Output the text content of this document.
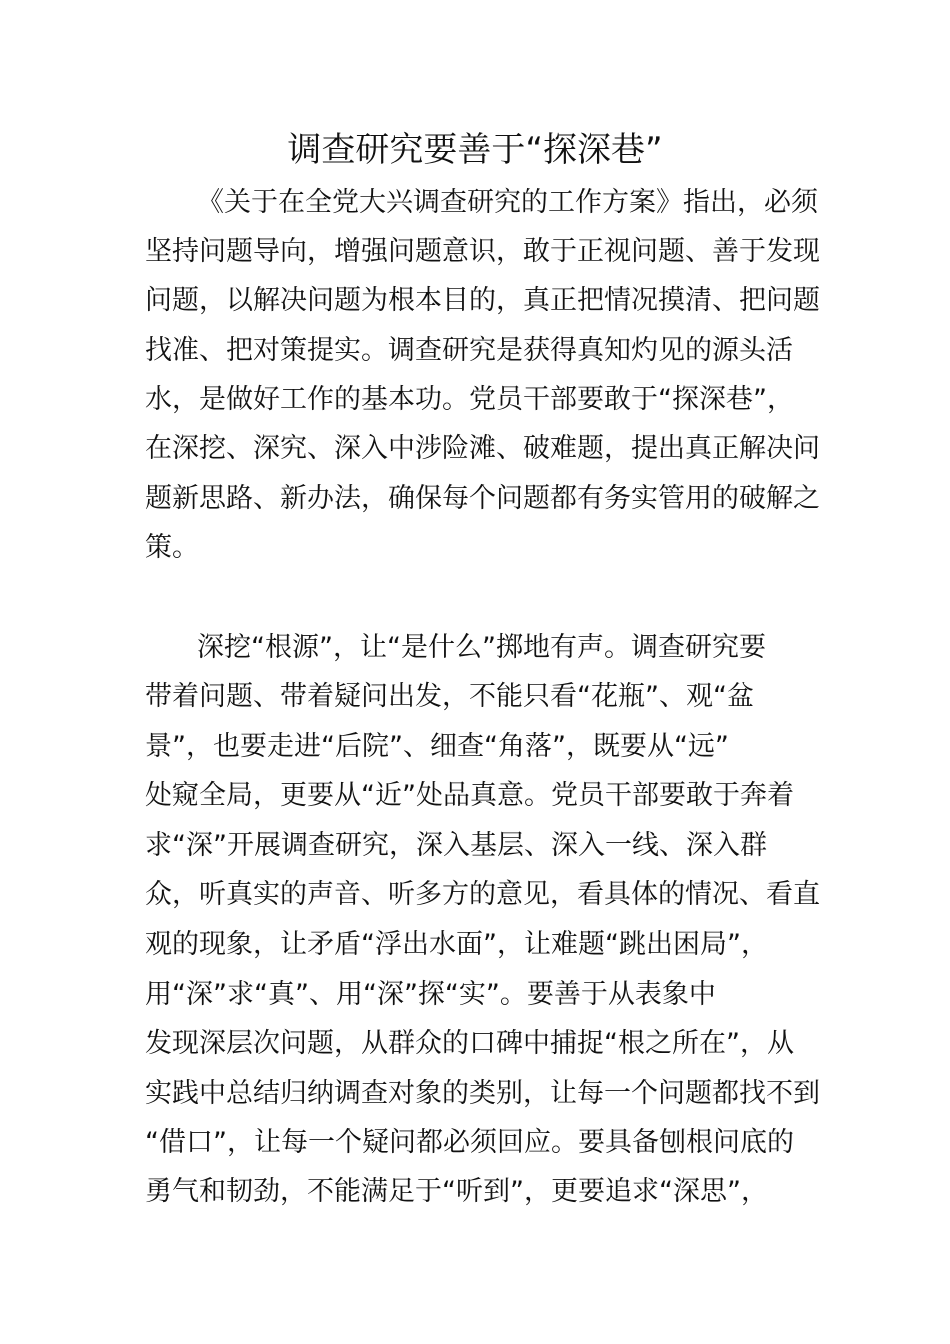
调查研究要善于“探深巷”
《关于在全党大兴调查研究的工作方案》指出，必须
坚持问题导向，增强问题意识，敢于正视问题、善于发现
问题，以解决问题为根本目的，真正把情况摸清、把问题
找准、把对策提实。调查研究是获得真知灼见的源头活
水，是做好工作的基本功。党员干部要敢于“探深巷”，
在深挖、深究、深入中涉险滩、破难题，提出真正解决问
题新思路、新办法，确保每个问题都有务实管用的破解之
策。
深挖“根源”，让“是什么”掷地有声。调查研究要
带着问题、带着疑问出发，不能只看“花瓶”、观“盆
景”，也要走进“后院”、细查“角落”，既要从“远”
处窥全局，更要从“近”处品真意。党员干部要敢于奔着
求“深”开展调查研究，深入基层、深入一线、深入群
众，听真实的声音、听多方的意见，看具体的情况、看直
观的现象，让矛盾“浮出水面”，让难题“跳出困局”，
用“深”求“真”、用“深”探“实”。要善于从表象中
发现深层次问题，从群众的口碑中捕捉“根之所在”，从
实践中总结归纳调查对象的类别，让每一个问题都找不到
“借口”，让每一个疑问都必须回应。要具备刨根问底的
勇气和韧劲，不能满足于“听到”，更要追求“深思”，
